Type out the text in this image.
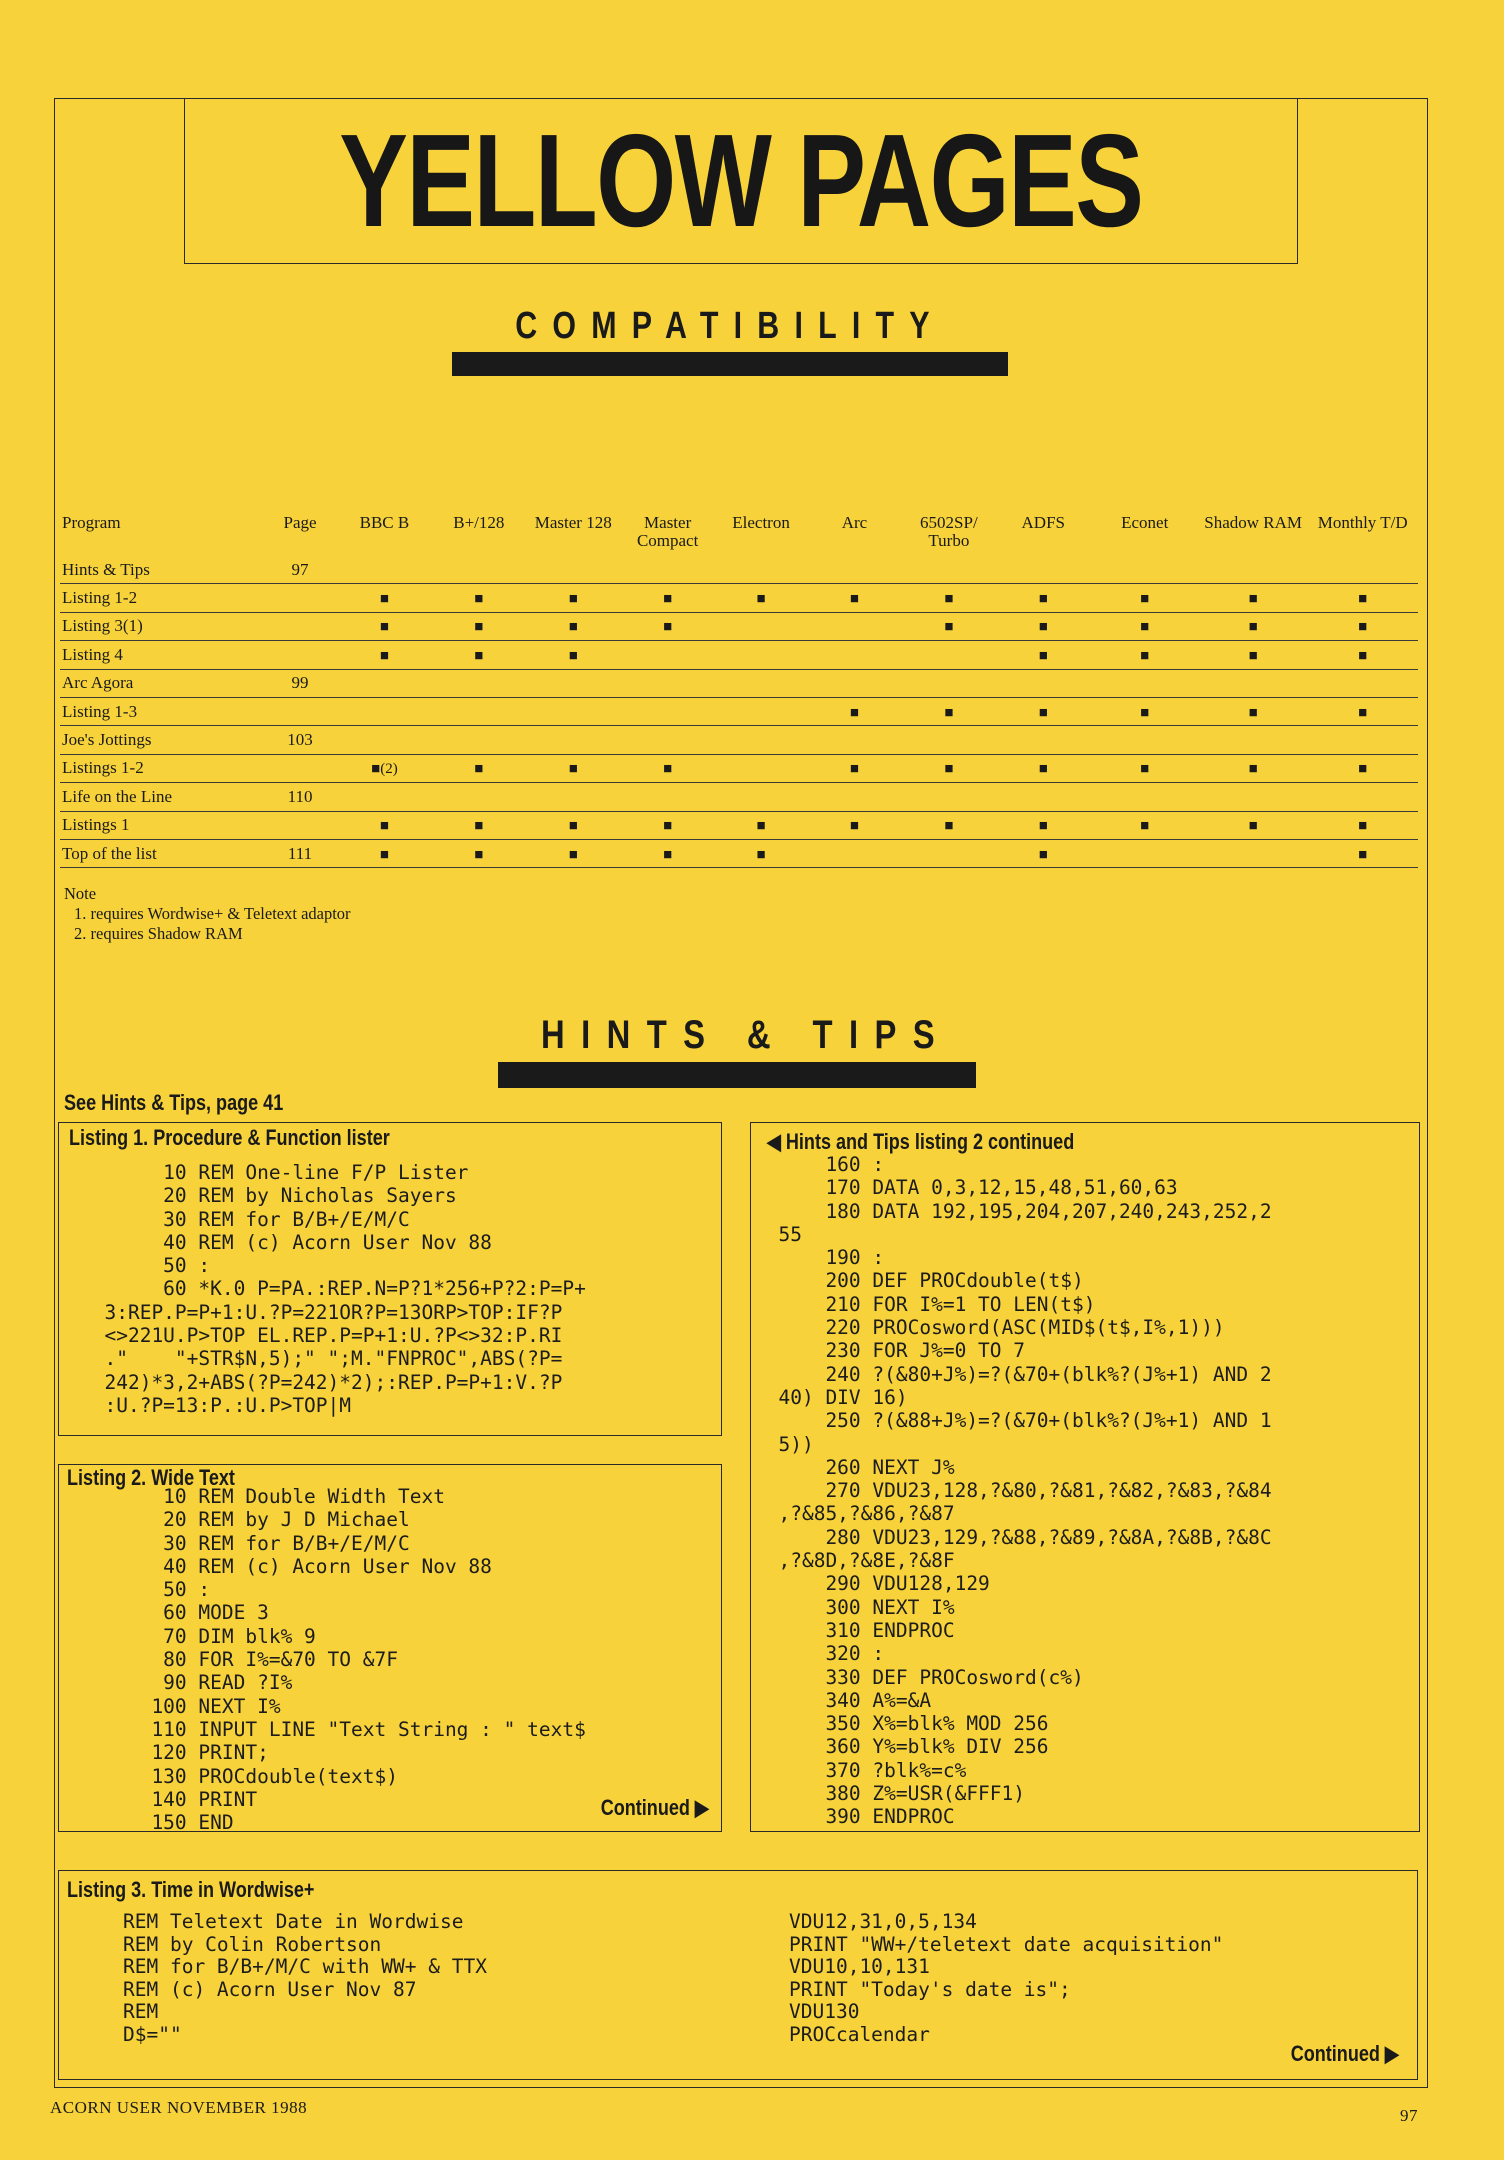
YELLOW PAGES
COMPATIBILITY
Program	Page	BBC B	B+/128	Master 128	Master Compact	Electron	Arc	6502SP/ Turbo	ADFS	Econet	Shadow RAM	Monthly T/D
Hints & Tips	97											
Listing 1-2		■	■	■	■	■	■	■	■	■	■	■
Listing 3(1)		■	■	■	■			■	■	■	■	■
Listing 4		■	■	■					■	■	■	■
Arc Agora	99											
Listing 1-3							■	■	■	■	■	■
Joe's Jottings	103											
Listings 1-2		■(2)	■	■	■		■	■	■	■	■	■
Life on the Line	110											
Listings 1		■	■	■	■	■	■	■	■	■	■	■
Top of the list	111	■	■	■	■	■			■			■
Note
1. requires Wordwise+ & Teletext adaptor
2. requires Shadow RAM
HINTS & TIPS
See Hints & Tips, page 41
Listing 1. Procedure & Function lister
10 REM One-line F/P Lister
20 REM by Nicholas Sayers
30 REM for B/B+/E/M/C
40 REM (c) Acorn User Nov 88
50 :
60 *K.0 P=PA.:REP.N=P?1*256+P?2:P=P+
3:REP.P=P+1:U.?P=221OR?P=13ORP>TOP:IF?P
<>221U.P>TOP EL.REP.P=P+1:U.?P<>32:P.RI
."    "+STR$N,5);" ";M."FNPROC",ABS(?P=
242)*3,2+ABS(?P=242)*2);:REP.P=P+1:V.?P
:U.?P=13:P.:U.P>TOP|M
Listing 2. Wide Text
10 REM Double Width Text
20 REM by J D Michael
30 REM for B/B+/E/M/C
40 REM (c) Acorn User Nov 88
50 :
60 MODE 3
70 DIM blk% 9
80 FOR I%=&70 TO &7F
90 READ ?I%
100 NEXT I%
110 INPUT LINE "Text String : " text$
120 PRINT;
130 PROCdouble(text$)
140 PRINT
150 END
Continued ▶
◀ Hints and Tips listing 2 continued
160 :
170 DATA 0,3,12,15,48,51,60,63
180 DATA 192,195,204,207,240,243,252,2
55
190 :
200 DEF PROCdouble(t$)
210 FOR I%=1 TO LEN(t$)
220 PROCosword(ASC(MID$(t$,I%,1)))
230 FOR J%=0 TO 7
240 ?(&80+J%)=?(&70+(blk%?(J%+1) AND 2
40) DIV 16)
250 ?(&88+J%)=?(&70+(blk%?(J%+1) AND 1
5))
260 NEXT J%
270 VDU23,128,?&80,?&81,?&82,?&83,?&84
,?&85,?&86,?&87
280 VDU23,129,?&88,?&89,?&8A,?&8B,?&8C
,?&8D,?&8E,?&8F
290 VDU128,129
300 NEXT I%
310 ENDPROC
320 :
330 DEF PROCosword(c%)
340 A%=&A
350 X%=blk% MOD 256
360 Y%=blk% DIV 256
370 ?blk%=c%
380 Z%=USR(&FFF1)
390 ENDPROC
Listing 3. Time in Wordwise+
REM Teletext Date in Wordwise
REM by Colin Robertson
REM for B/B+/M/C with WW+ & TTX
REM (c) Acorn User Nov 87
REM
D$=""
VDU12,31,0,5,134
PRINT "WW+/teletext date acquisition"
VDU10,10,131
PRINT "Today's date is";
VDU130
PROCcalendar
Continued ▶
ACORN USER NOVEMBER 1988	97
